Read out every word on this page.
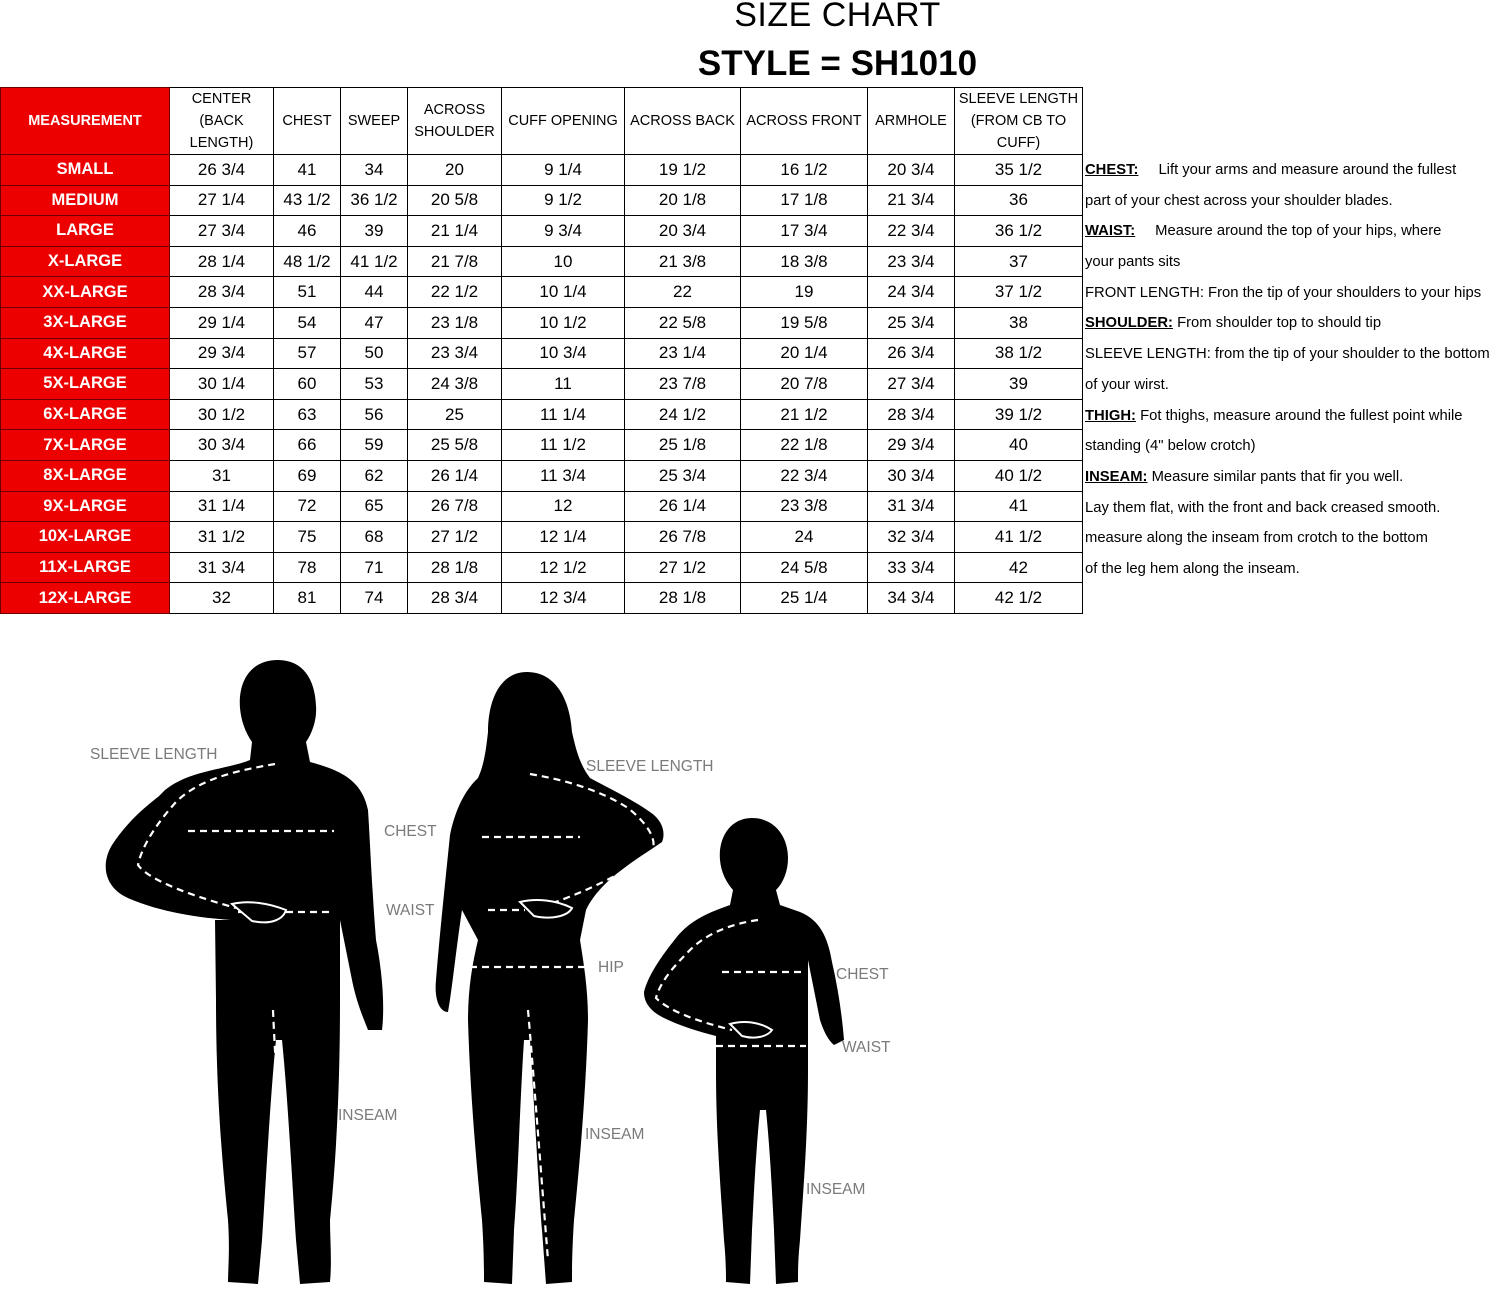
SIZE CHART
STYLE = SH1010
MEASUREMENT	CENTER (BACK LENGTH)	CHEST	SWEEP	ACROSS SHOULDER	CUFF OPENING	ACROSS BACK	ACROSS FRONT	ARMHOLE	SLEEVE LENGTH (FROM CB TO CUFF)
SMALL	26 3/4	41	34	20	9 1/4	19 1/2	16 1/2	20 3/4	35 1/2
MEDIUM	27 1/4	43 1/2	36 1/2	20 5/8	9 1/2	20 1/8	17 1/8	21 3/4	36
LARGE	27 3/4	46	39	21 1/4	9 3/4	20 3/4	17 3/4	22 3/4	36 1/2
X-LARGE	28 1/4	48 1/2	41 1/2	21 7/8	10	21 3/8	18 3/8	23 3/4	37
XX-LARGE	28 3/4	51	44	22 1/2	10 1/4	22	19	24 3/4	37 1/2
3X-LARGE	29 1/4	54	47	23 1/8	10 1/2	22 5/8	19 5/8	25 3/4	38
4X-LARGE	29 3/4	57	50	23 3/4	10 3/4	23 1/4	20 1/4	26 3/4	38 1/2
5X-LARGE	30 1/4	60	53	24 3/8	11	23 7/8	20 7/8	27 3/4	39
6X-LARGE	30 1/2	63	56	25	11 1/4	24 1/2	21 1/2	28 3/4	39 1/2
7X-LARGE	30 3/4	66	59	25 5/8	11 1/2	25 1/8	22 1/8	29 3/4	40
8X-LARGE	31	69	62	26 1/4	11 3/4	25 3/4	22 3/4	30 3/4	40 1/2
9X-LARGE	31 1/4	72	65	26 7/8	12	26 1/4	23 3/8	31 3/4	41
10X-LARGE	31 1/2	75	68	27 1/2	12 1/4	26 7/8	24	32 3/4	41 1/2
11X-LARGE	31 3/4	78	71	28 1/8	12 1/2	27 1/2	24 5/8	33 3/4	42
12X-LARGE	32	81	74	28 3/4	12 3/4	28 1/8	25 1/4	34 3/4	42 1/2
CHEST: Lift your arms and measure around the fullest
part of your chest across your shoulder blades.
WAIST: Measure around the top of your hips, where
your pants sits
FRONT LENGTH: Fron the tip of your shoulders to your hips
SHOULDER: From shoulder top to should tip
SLEEVE LENGTH: from the tip of your shoulder to the bottom
of your wirst.
THIGH: Fot thighs, measure around the fullest point while
standing (4" below crotch)
INSEAM: Measure similar pants that fir you well.
Lay them flat, with the front and back creased smooth.
measure along the inseam from crotch to the bottom
of the leg hem along the inseam.
SLEEVE LENGTH
CHEST
WAIST
INSEAM
SLEEVE LENGTH
HIP
INSEAM
CHEST
WAIST
INSEAM
